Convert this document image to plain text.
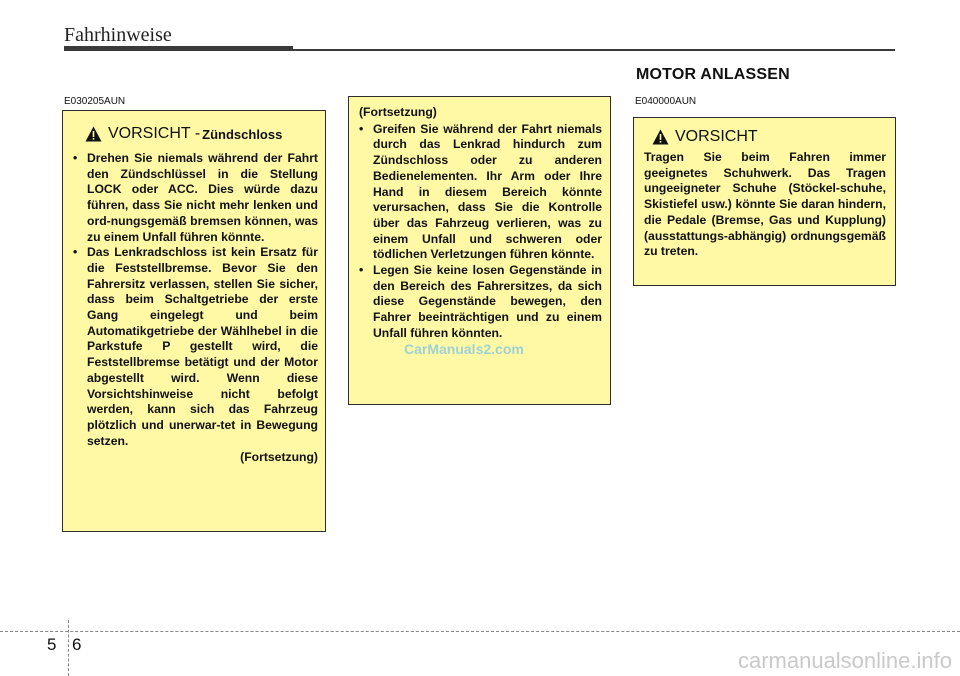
Fahrhinweise
MOTOR ANLASSEN
E030205AUN	E040000AUN
VORSICHT - Zündschloss
• Drehen Sie niemals während der Fahrt den Zündschlüssel in die Stellung LOCK oder ACC. Dies würde dazu führen, dass Sie nicht mehr lenken und ord-nungsgemäß bremsen können, was zu einem Unfall führen könnte.
• Das Lenkradschloss ist kein Ersatz für die Feststellbremse. Bevor Sie den Fahrersitz verlassen, stellen Sie sicher, dass beim Schaltgetriebe der erste Gang eingelegt und beim Automatikgetriebe der Wählhebel in die Parkstufe P gestellt wird, die Feststellbremse betätigt und der Motor abgestellt wird. Wenn diese Vorsichtshinweise nicht befolgt werden, kann sich das Fahrzeug plötzlich und unerwar-tet in Bewegung setzen.
(Fortsetzung)
(Fortsetzung)
• Greifen Sie während der Fahrt niemals durch das Lenkrad hindurch zum Zündschloss oder zu anderen Bedienelementen. Ihr Arm oder Ihre Hand in diesem Bereich könnte verursachen, dass Sie die Kontrolle über das Fahrzeug verlieren, was zu einem Unfall und schweren oder tödlichen Verletzungen führen könnte.
• Legen Sie keine losen Gegenstände in den Bereich des Fahrersitzes, da sich diese Gegenstände bewegen, den Fahrer beeinträchtigen und zu einem Unfall führen könnten.
VORSICHT
Tragen Sie beim Fahren immer geeignetes Schuhwerk. Das Tragen ungeeigneter Schuhe (Stöckel-schuhe, Skistiefel usw.) könnte Sie daran hindern, die Pedale (Bremse, Gas und Kupplung) (ausstattungs-abhängig) ordnungsgemäß zu treten.
CarManuals2.com
5 6
carmanualsonline.info
